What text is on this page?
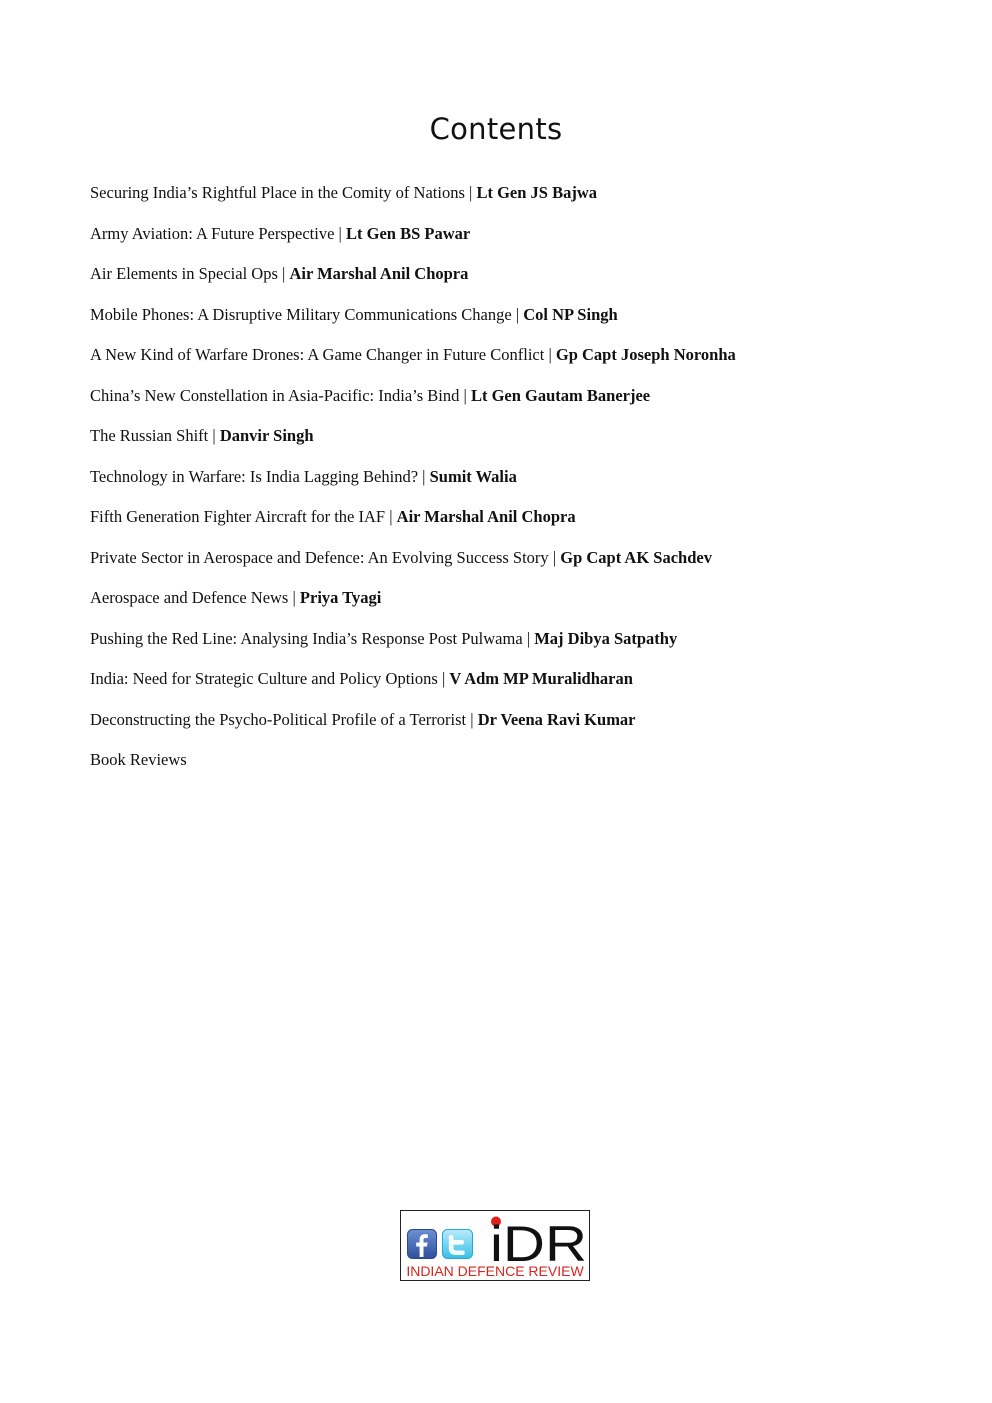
Contents
Securing India’s Rightful Place in the Comity of Nations | Lt Gen JS Bajwa
Army Aviation: A Future Perspective | Lt Gen BS Pawar
Air Elements in Special Ops | Air Marshal Anil Chopra
Mobile Phones: A Disruptive Military Communications Change | Col NP Singh
A New Kind of Warfare Drones: A Game Changer in Future Conflict | Gp Capt Joseph Noronha
China’s New Constellation in Asia-Pacific: India’s Bind | Lt Gen Gautam Banerjee
The Russian Shift | Danvir Singh
Technology in Warfare: Is India Lagging Behind? | Sumit Walia
Fifth Generation Fighter Aircraft for the IAF | Air Marshal Anil Chopra
Private Sector in Aerospace and Defence: An Evolving Success Story | Gp Capt AK Sachdev
Aerospace and Defence News | Priya Tyagi
Pushing the Red Line: Analysing India’s Response Post Pulwama | Maj Dibya Satpathy
India: Need for Strategic Culture and Policy Options | V Adm MP Muralidharan
Deconstructing the Psycho-Political Profile of a Terrorist | Dr Veena Ravi Kumar
Book Reviews
iDR
INDIAN DEFENCE REVIEW
